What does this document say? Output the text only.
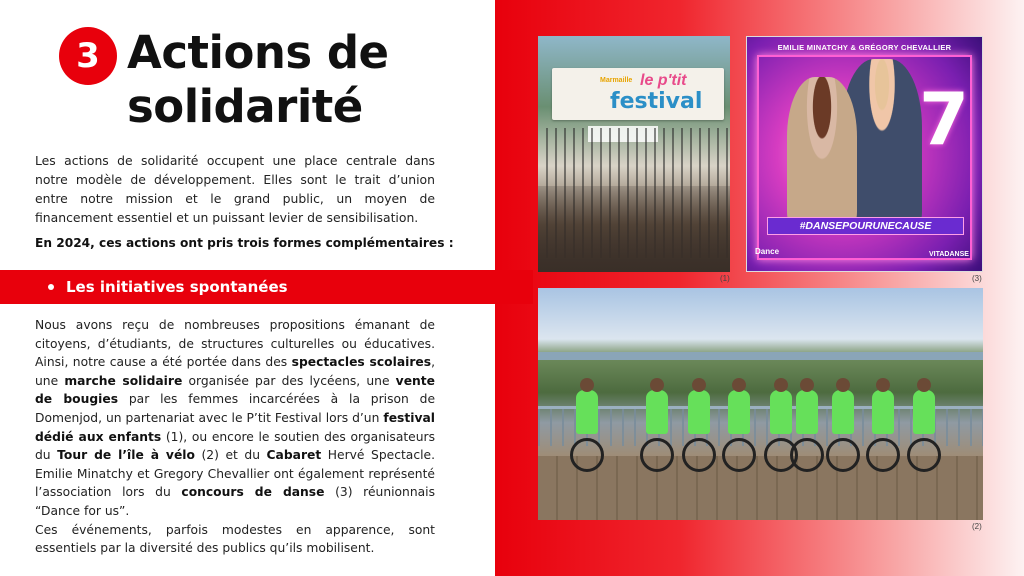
3 Actions de
solidarité

Les actions de solidarité occupent une place centrale dans notre modèle de développement. Elles sont le trait d’union entre notre mission et le grand public, un moyen de financement essentiel et un puissant levier de sensibilisation.

En 2024, ces actions ont pris trois formes complémentaires :

Les initiatives spontanées

Nous avons reçu de nombreuses propositions émanant de citoyens, d’étudiants, de structures culturelles ou éducatives. Ainsi, notre cause a été portée dans des spectacles scolaires, une marche solidaire organisée par des lycéens, une vente de bougies par les femmes incarcérées à la prison de Domenjod, un partenariat avec le P’tit Festival lors d’un festival dédié aux enfants (1), ou encore le soutien des organisateurs du Tour de l’île à vélo (2) et du Cabaret Hervé Spectacle. Emilie Minatchy et Gregory Chevallier ont également représenté l’association lors du concours de danse (3) réunionnais “Dance for us”.

Ces événements, parfois modestes en apparence, sont essentiels par la diversité des publics qu’ils mobilisent.

Marmaille le p'tit
festival
(1)
EMILIE MINATCHY & GRÉGORY CHEVALLIER
7
#DANSEPOURUNECAUSE
Dance	VITADANSE
(3)
(2)
